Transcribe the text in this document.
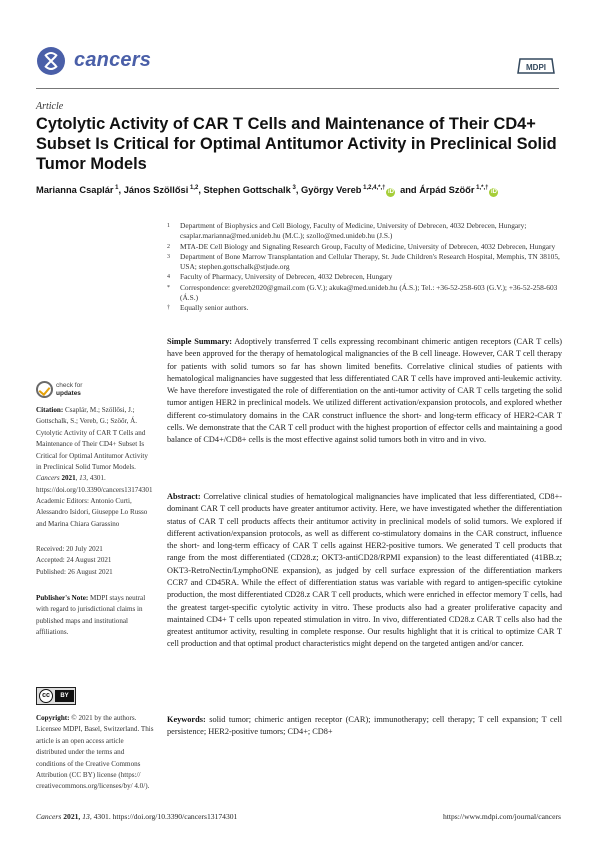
cancers	MDPI
Article
Cytolytic Activity of CAR T Cells and Maintenance of Their CD4+ Subset Is Critical for Optimal Antitumor Activity in Preclinical Solid Tumor Models
Marianna Csaplár $^1$, János Szöllősi $^{1,2}$, Stephen Gottschalk $^3$, György Vereb $^{1,2,4,*,\dagger}$iD and Árpád Szöőr $^{1,*,\dagger}$iD
1 Department of Biophysics and Cell Biology, Faculty of Medicine, University of Debrecen, 4032 Debrecen, Hungary; csaplar.marianna@med.unideb.hu (M.C.); szollo@med.unideb.hu (J.S.)
2 MTA-DE Cell Biology and Signaling Research Group, Faculty of Medicine, University of Debrecen, 4032 Debrecen, Hungary
3 Department of Bone Marrow Transplantation and Cellular Therapy, St. Jude Children's Research Hospital, Memphis, TN 38105, USA; stephen.gottschalk@stjude.org
4 Faculty of Pharmacy, University of Debrecen, 4032 Debrecen, Hungary
* Correspondence: gvereb2020@gmail.com (G.V.); akuka@med.unideb.hu (Á.S.); Tel.: +36-52-258-603 (G.V.); +36-52-258-603 (Á.S.)
† Equally senior authors.
check for
updates
Citation: Csaplár, M.; Szöllősi, J.; Gottschalk, S.; Vereb, G.; Szöőr, Á. Cytolytic Activity of CAR T Cells and Maintenance of Their CD4+ Subset Is Critical for Optimal Antitumor Activity in Preclinical Solid Tumor Models. Cancers 2021, 13, 4301. https://doi.org/10.3390/cancers13174301
Academic Editors: Antonio Curti, Alessandro Isidori, Giuseppe Lo Russo and Marina Chiara Garassino
Received: 20 July 2021
Accepted: 24 August 2021
Published: 26 August 2021
Publisher's Note: MDPI stays neutral with regard to jurisdictional claims in published maps and institutional affiliations.
cc	BY
Copyright: © 2021 by the authors. Licensee MDPI, Basel, Switzerland. This article is an open access article distributed under the terms and conditions of the Creative Commons Attribution (CC BY) license (https:// creativecommons.org/licenses/by/ 4.0/).
Simple Summary: Adoptively transferred T cells expressing recombinant chimeric antigen receptors (CAR T cells) have been approved for the therapy of hematological malignancies of the B cell lineage. However, CAR T cell therapy for patients with solid tumors so far has shown limited benefits. Correlative clinical studies of patients with hematological malignancies have suggested that less differentiated CAR T cells have improved anti-leukemic activity. We have therefore investigated the role of differentiation on the anti-tumor activity of CAR T cells targeting the solid tumor antigen HER2 in preclinical models. We utilized different activation/expansion protocols, and explored whether different co-stimulatory domains in the CAR construct influence the short- and long-term efficacy of HER2-CAR T cells. We demonstrate that the CAR T cell product with the highest proportion of effector cells and maintaining a good balance of CD4+/CD8+ cells is the most effective against solid tumors both in vitro and in vivo.
Abstract: Correlative clinical studies of hematological malignancies have implicated that less differentiated, CD8+-dominant CAR T cell products have greater antitumor activity. Here, we have investigated whether the differentiation status of CAR T cell products affects their antitumor activity in preclinical models of solid tumors. We explored if different activation/expansion protocols, as well as different co-stimulatory domains in the CAR construct, influence the short- and long-term efficacy of CAR T cells against HER2-positive tumors. We generated T cell products that range from the most differentiated (CD28.z; OKT3-antiCD28/RPMI expansion) to the least differentiated (41BB.z; OKT3-RetroNectin/LymphoONE expansion), as judged by cell surface expression of the differentiation markers CCR7 and CD45RA. While the effect of differentiation status was variable with regard to antigen-specific cytokine production, the most differentiated CD28.z CAR T cell products, which were enriched in effector memory T cells, had the greatest target-specific cytolytic activity in vitro. These products also had a greater proliferative capacity and maintained CD4+ T cells upon repeated stimulation in vitro. In vivo, differentiated CD28.z CAR T cells also had the greatest antitumor activity, resulting in complete response. Our results highlight that it is critical to optimize CAR T cell production and that optimal product characteristics might depend on the targeted antigen and/or cancer.
Keywords: solid tumor; chimeric antigen receptor (CAR); immunotherapy; cell therapy; T cell expansion; T cell persistence; HER2-positive tumors; CD4+; CD8+
Cancers 2021, 13, 4301. https://doi.org/10.3390/cancers13174301	https://www.mdpi.com/journal/cancers
